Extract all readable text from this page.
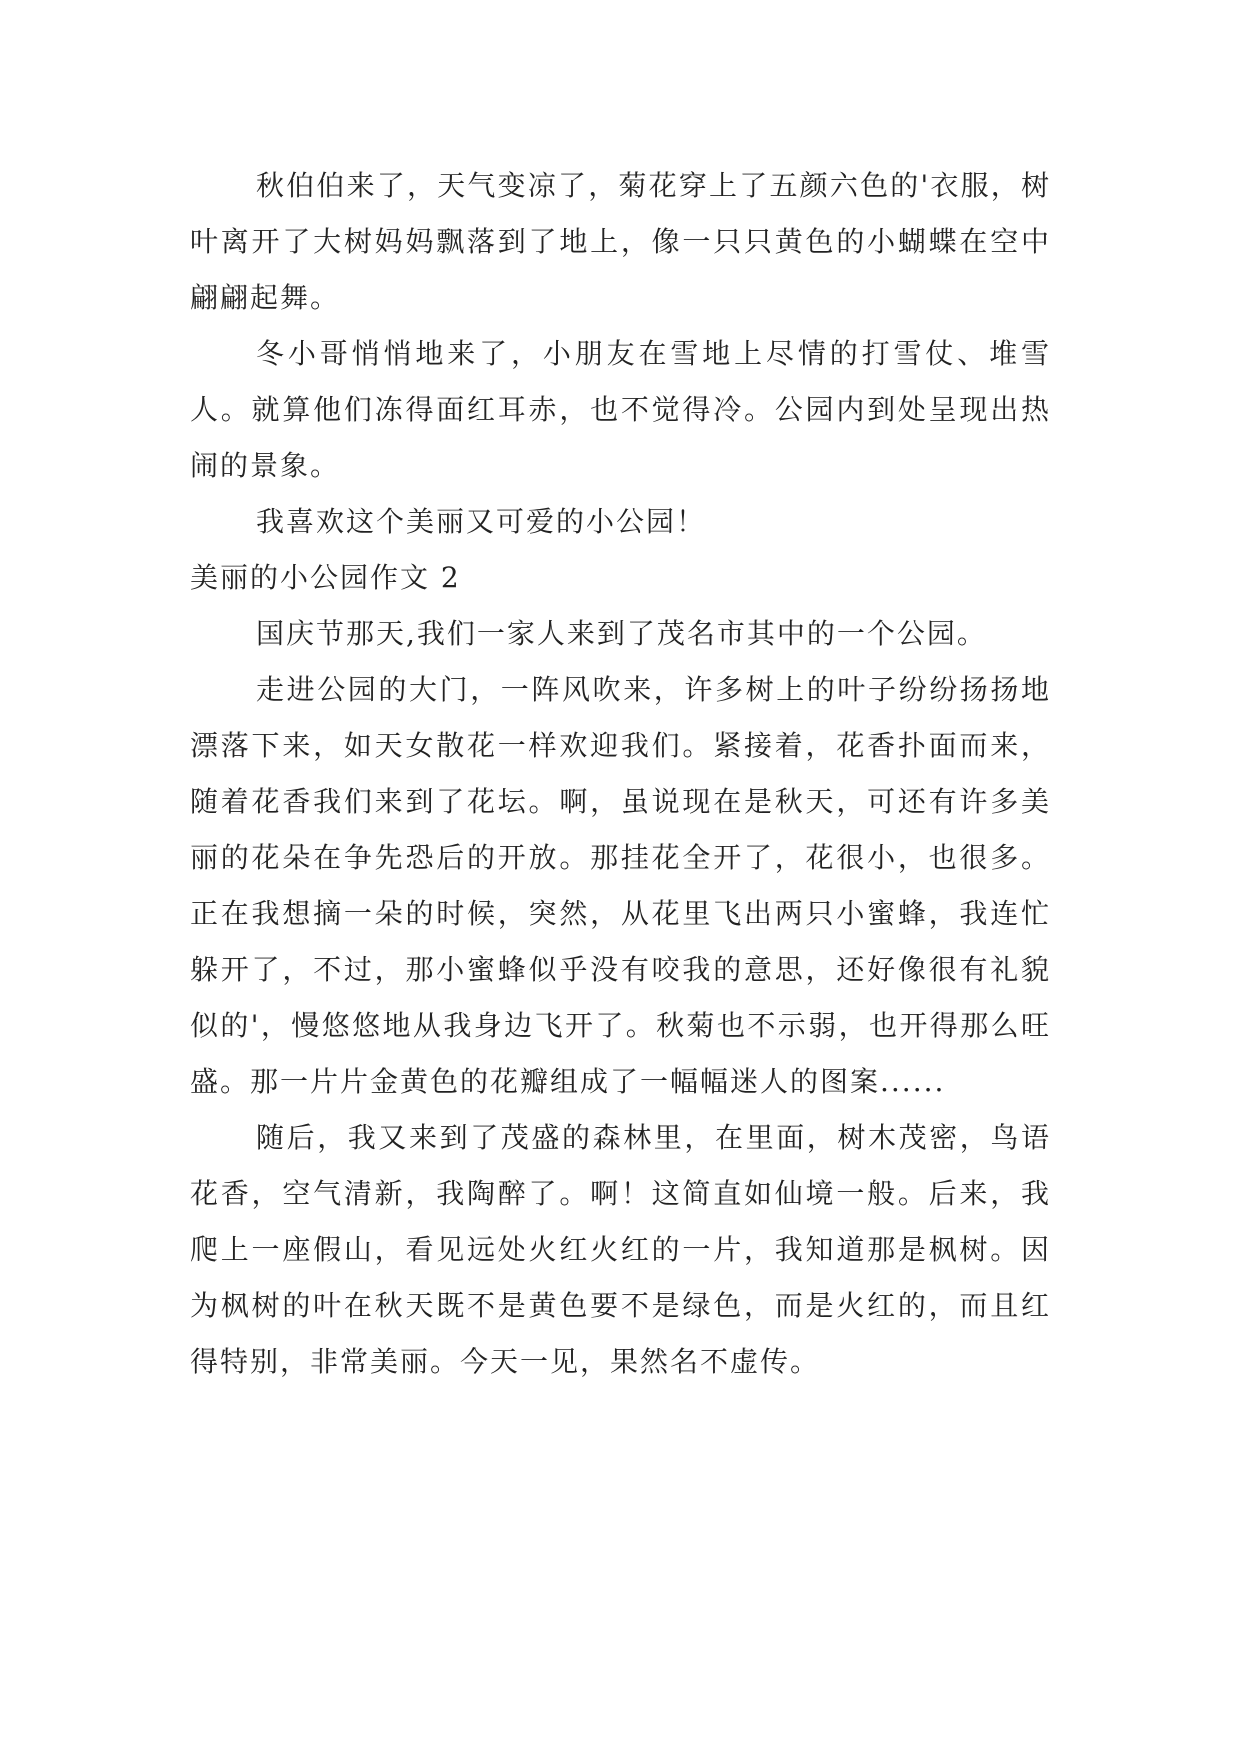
秋伯伯来了，天气变凉了，菊花穿上了五颜六色的'衣服，树叶离开了大树妈妈飘落到了地上，像一只只黄色的小蝴蝶在空中翩翩起舞。

冬小哥悄悄地来了，小朋友在雪地上尽情的打雪仗、堆雪人。就算他们冻得面红耳赤，也不觉得冷。公园内到处呈现出热闹的景象。

我喜欢这个美丽又可爱的小公园！

美丽的小公园作文 2

国庆节那天,我们一家人来到了茂名市其中的一个公园。

走进公园的大门，一阵风吹来，许多树上的叶子纷纷扬扬地漂落下来，如天女散花一样欢迎我们。紧接着，花香扑面而来，随着花香我们来到了花坛。啊，虽说现在是秋天，可还有许多美丽的花朵在争先恐后的开放。那挂花全开了，花很小，也很多。正在我想摘一朵的时候，突然，从花里飞出两只小蜜蜂，我连忙躲开了，不过，那小蜜蜂似乎没有咬我的意思，还好像很有礼貌似的'，慢悠悠地从我身边飞开了。秋菊也不示弱，也开得那么旺盛。那一片片金黄色的花瓣组成了一幅幅迷人的图案......

随后，我又来到了茂盛的森林里，在里面，树木茂密，鸟语花香，空气清新，我陶醉了。啊！这简直如仙境一般。后来，我爬上一座假山，看见远处火红火红的一片，我知道那是枫树。因为枫树的叶在秋天既不是黄色要不是绿色，而是火红的，而且红得特别，非常美丽。今天一见，果然名不虚传。
